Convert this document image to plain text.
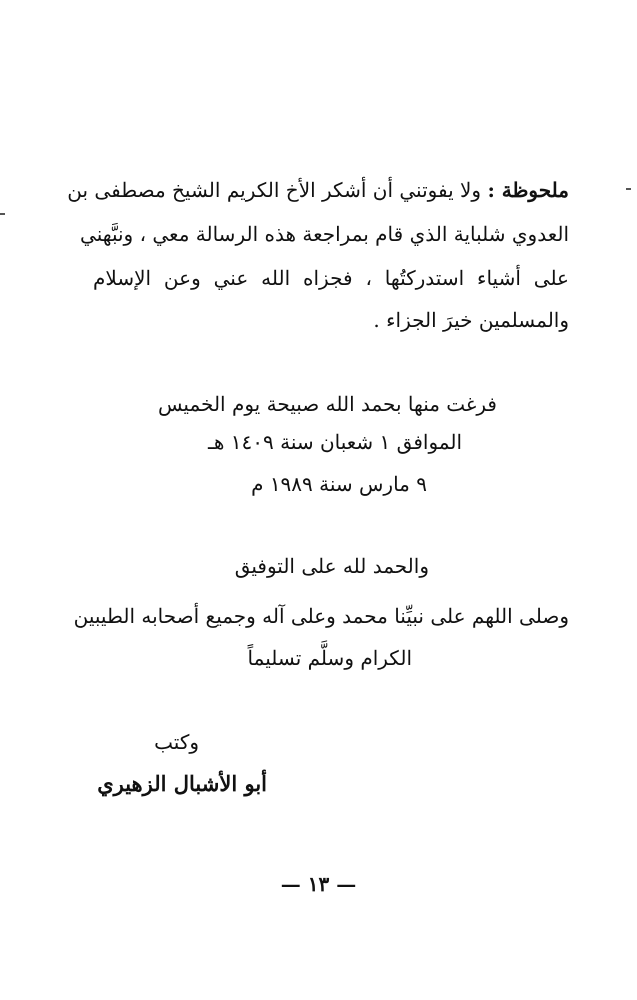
ملحوظة : ولا يفوتني أن أشكر الأخ الكريم الشيخ مصطفى بن
العدوي شلباية الذي قام بمراجعة هذه الرسالة معي ، ونبَّهني
على أشياء استدركتُها ، فجزاه الله عني وعن الإسلام
والمسلمين خيرَ الجزاء .
فرغت منها بحمد الله صبيحة يوم الخميس
الموافق ١ شعبان سنة ١٤٠٩ هـ
٩ مارس سنة ١٩٨٩ م
والحمد لله على التوفيق
وصلى اللهم على نبيِّنا محمد وعلى آله وجميع أصحابه الطيبين
الكرام وسلَّم تسليماً
وكتب
أبو الأشبال الزهيري
— ١٣ —
